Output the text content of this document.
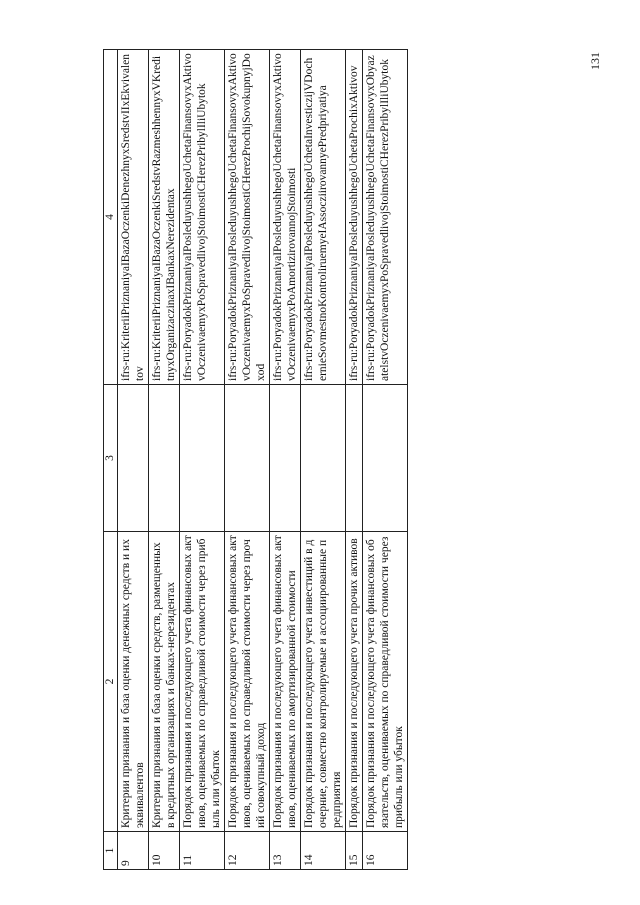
1	2	3	4
9	Критерии признания и база оценки денежных средств и их эквивалентов		ifrs-ru:KriteriiPriznaniyaIBazaOczenkiDenezhnyxSredstvIIxEkvivalentov
10	Критерии признания и база оценки средств, размещенных в кредитных организациях и банках-нерезидентах		ifrs-ru:KriteriiPriznaniyaIBazaOczenkiSredstvRazmeshhennyxVKreditnyxOrganizaczinaxIBankaxNerezidentax
11	Порядок признания и последующего учета финансовых активов, оцениваемых по справедливой стоимости через прибыль или убыток		ifrs-ru:PoryadokPriznaniyaIPosleduyushhegoUchetaFinansovyxAktivovOczenivaemyxPoSpravedlivojStoimostiCHerezPribylIliUbytok
12	Порядок признания и последующего учета финансовых активов, оцениваемых по справедливой стоимости через прочий совокупный доход		ifrs-ru:PoryadokPriznaniyaIPosleduyushhegoUchetaFinansovyxAktivovOczenivaemyxPoSpravedlivojStoimostiCHerezProchijSovokupnyjDoxod
13	Порядок признания и последующего учета финансовых активов, оцениваемых по амортизированной стоимости		ifrs-ru:PoryadokPriznaniyaIPosleduyushhegoUchetaFinansovyxAktivovOczenivaemyxPoAmortizirovannojStoimosti
14	Порядок признания и последующего учета инвестиций в дочерние, совместно контролируемые и ассоциированные предприятия		ifrs-ru:PoryadokPriznaniyaIPosleduyushhegoUchetaInvesticzijVDochernieSovmestnoKontroliruemyeIAssocziirovannyePredpriyatiya
15	Порядок признания и последующего учета прочих активов		ifrs-ru:PoryadokPriznaniyaIPosleduyushhegoUchetaProchixAktivov
16	Порядок признания и последующего учета финансовых обязательств, оцениваемых по справедливой стоимости через прибыль или убыток		ifrs-ru:PoryadokPriznaniyaIPosleduyushhegoUchetaFinansovyxObyazatelstvOczenivaemyxPoSpravedlivojStoimostiCHerezPribylIliUbytok	131
